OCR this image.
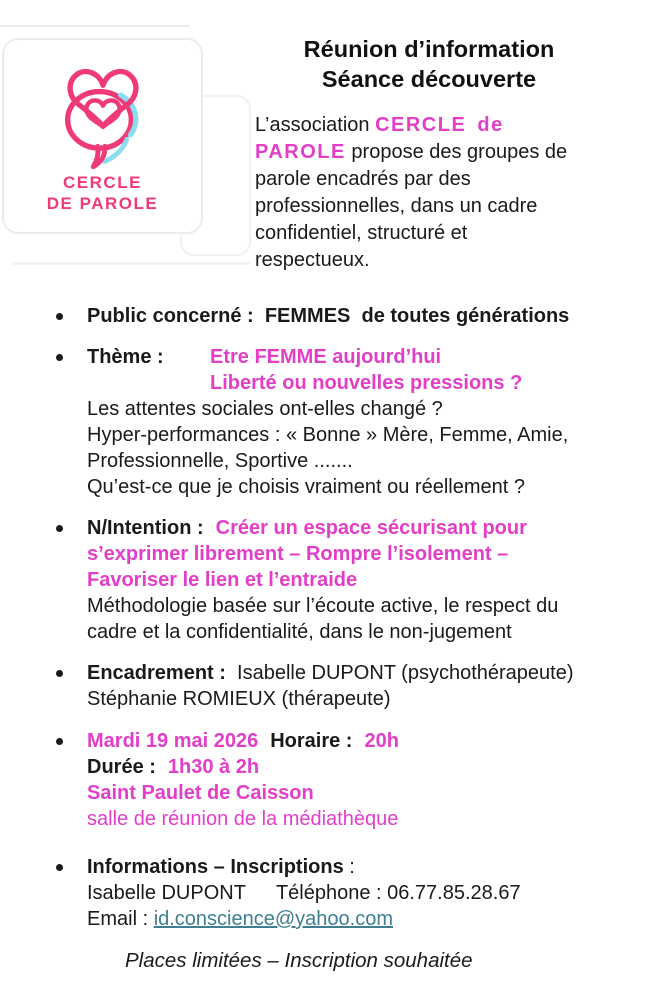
CERCLE
DE PAROLE
Réunion d’information
Séance découverte
L’association CERCLE de
PAROLE propose des groupes de
parole encadrés par des
professionnelles, dans un cadre
confidentiel, structuré et
respectueux.
Public concerné :  FEMMES  de toutes générations
Thème :	Etre FEMME aujourd’hui
Liberté ou nouvelles pressions ?
Les attentes sociales ont-elles changé ?
Hyper-performances : « Bonne » Mère, Femme, Amie,
Professionnelle, Sportive .......
Qu’est-ce que je choisis vraiment ou réellement ?
N/Intention : Créer un espace sécurisant pour
s’exprimer librement – Rompre l’isolement –
Favoriser le lien et l’entraide
Méthodologie basée sur l’écoute active, le respect du
cadre et la confidentialité, dans le non-jugement
Encadrement :  Isabelle DUPONT (psychothérapeute)
Stéphanie ROMIEUX (thérapeute)
Mardi 19 mai 2026 Horaire : 20h
Durée : 1h30 à 2h
Saint Paulet de Caisson
salle de réunion de la médiathèque
Informations – Inscriptions :
Isabelle DUPONT Téléphone : 06.77.85.28.67
Email : id.conscience@yahoo.com
Places limitées – Inscription souhaitée
